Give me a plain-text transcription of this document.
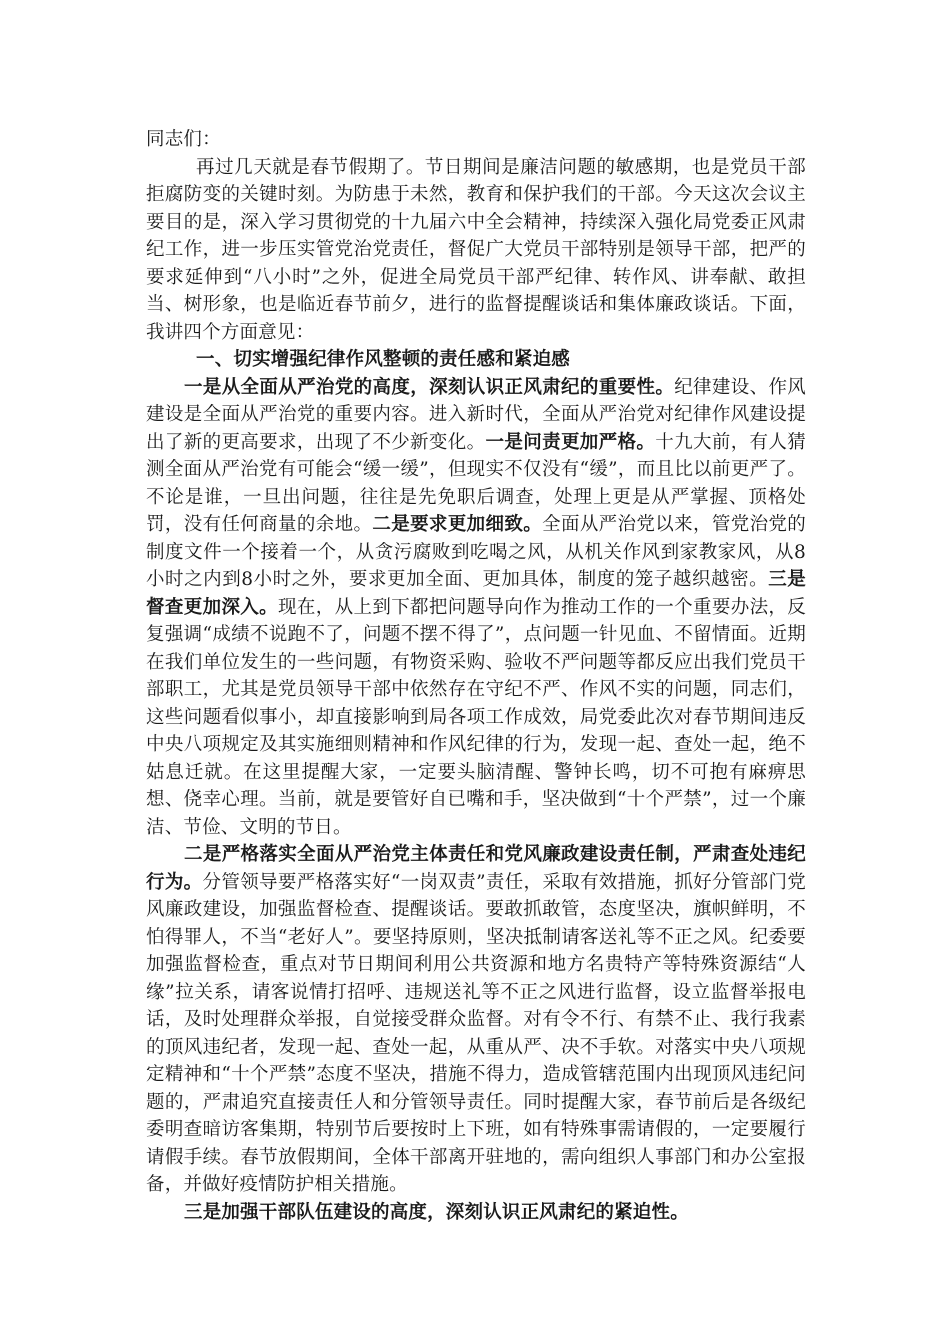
同志们：

再过几天就是春节假期了。节日期间是廉洁问题的敏感期，也是党员干部拒腐防变的关键时刻。为防患于未然，教育和保护我们的干部。今天这次会议主要目的是，深入学习贯彻党的十九届六中全会精神，持续深入强化局党委正风肃纪工作，进一步压实管党治党责任，督促广大党员干部特别是领导干部，把严的要求延伸到“八小时”之外，促进全局党员干部严纪律、转作风、讲奉献、敢担当、树形象，也是临近春节前夕，进行的监督提醒谈话和集体廉政谈话。下面，我讲四个方面意见：

一、切实增强纪律作风整顿的责任感和紧迫感

一是从全面从严治党的高度，深刻认识正风肃纪的重要性。纪律建设、作风建设是全面从严治党的重要内容。进入新时代，全面从严治党对纪律作风建设提出了新的更高要求，出现了不少新变化。一是问责更加严格。十九大前，有人猜测全面从严治党有可能会“缓一缓”，但现实不仅没有“缓”，而且比以前更严了。不论是谁，一旦出问题，往往是先免职后调查，处理上更是从严掌握、顶格处罚，没有任何商量的余地。二是要求更加细致。全面从严治党以来，管党治党的制度文件一个接着一个，从贪污腐败到吃喝之风，从机关作风到家教家风，从8小时之内到8小时之外，要求更加全面、更加具体，制度的笼子越织越密。三是督查更加深入。现在，从上到下都把问题导向作为推动工作的一个重要办法，反复强调“成绩不说跑不了，问题不摆不得了”，点问题一针见血、不留情面。近期在我们单位发生的一些问题，有物资采购、验收不严问题等都反应出我们党员干部职工，尤其是党员领导干部中依然存在守纪不严、作风不实的问题，同志们，这些问题看似事小，却直接影响到局各项工作成效，局党委此次对春节期间违反中央八项规定及其实施细则精神和作风纪律的行为，发现一起、查处一起，绝不姑息迁就。在这里提醒大家，一定要头脑清醒、警钟长鸣，切不可抱有麻痹思想、侥幸心理。当前，就是要管好自已嘴和手，坚决做到“十个严禁”，过一个廉洁、节俭、文明的节日。

二是严格落实全面从严治党主体责任和党风廉政建设责任制，严肃查处违纪行为。分管领导要严格落实好“一岗双责”责任，采取有效措施，抓好分管部门党风廉政建设，加强监督检查、提醒谈话。要敢抓敢管，态度坚决，旗帜鲜明，不怕得罪人，不当“老好人”。要坚持原则，坚决抵制请客送礼等不正之风。纪委要加强监督检查，重点对节日期间利用公共资源和地方名贵特产等特殊资源结“人缘”拉关系，请客说情打招呼、违规送礼等不正之风进行监督，设立监督举报电话，及时处理群众举报，自觉接受群众监督。对有令不行、有禁不止、我行我素的顶风违纪者，发现一起、查处一起，从重从严、决不手软。对落实中央八项规定精神和“十个严禁”态度不坚决，措施不得力，造成管辖范围内出现顶风违纪问题的，严肃追究直接责任人和分管领导责任。同时提醒大家，春节前后是各级纪委明查暗访客集期，特别节后要按时上下班，如有特殊事需请假的，一定要履行请假手续。春节放假期间，全体干部离开驻地的，需向组织人事部门和办公室报备，并做好疫情防护相关措施。

三是加强干部队伍建设的高度，深刻认识正风肃纪的紧迫性。
